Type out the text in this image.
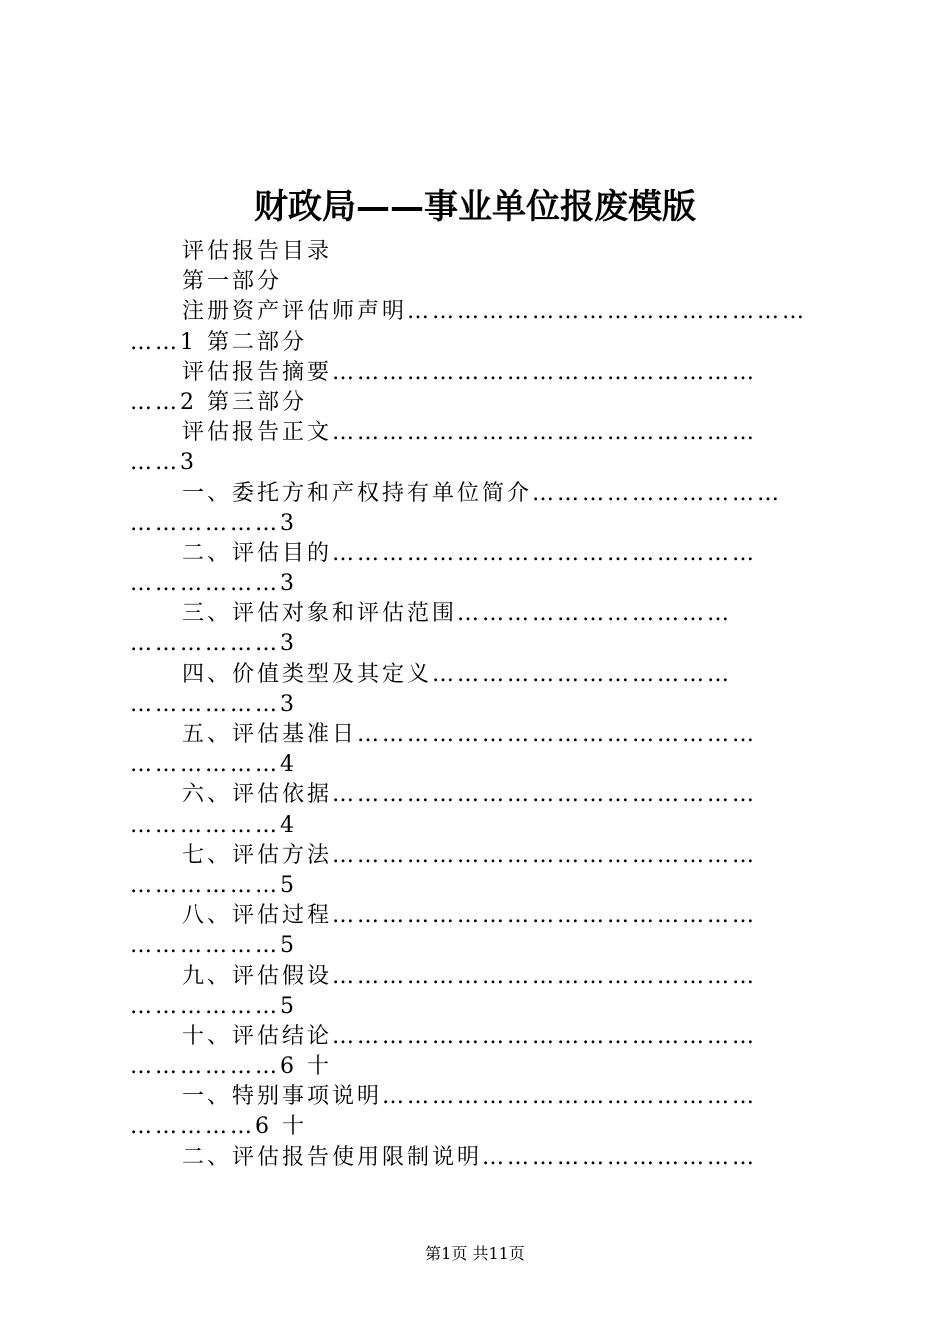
财政局——事业单位报废模版
评估报告目录
第一部分
注册资产评估师声明…………………………………………
……1 第二部分
评估报告摘要……………………………………………
……2 第三部分
评估报告正文……………………………………………
……3
一、委托方和产权持有单位简介…………………………
………………3
二、评估目的……………………………………………
………………3
三、评估对象和评估范围……………………………
………………3
四、价值类型及其定义………………………………
………………3
五、评估基准日…………………………………………
………………4
六、评估依据……………………………………………
………………4
七、评估方法……………………………………………
………………5
八、评估过程……………………………………………
………………5
九、评估假设……………………………………………
………………5
十、评估结论……………………………………………
………………6 十
一、特别事项说明………………………………………
……………6 十
二、评估报告使用限制说明……………………………
第1页 共11页
